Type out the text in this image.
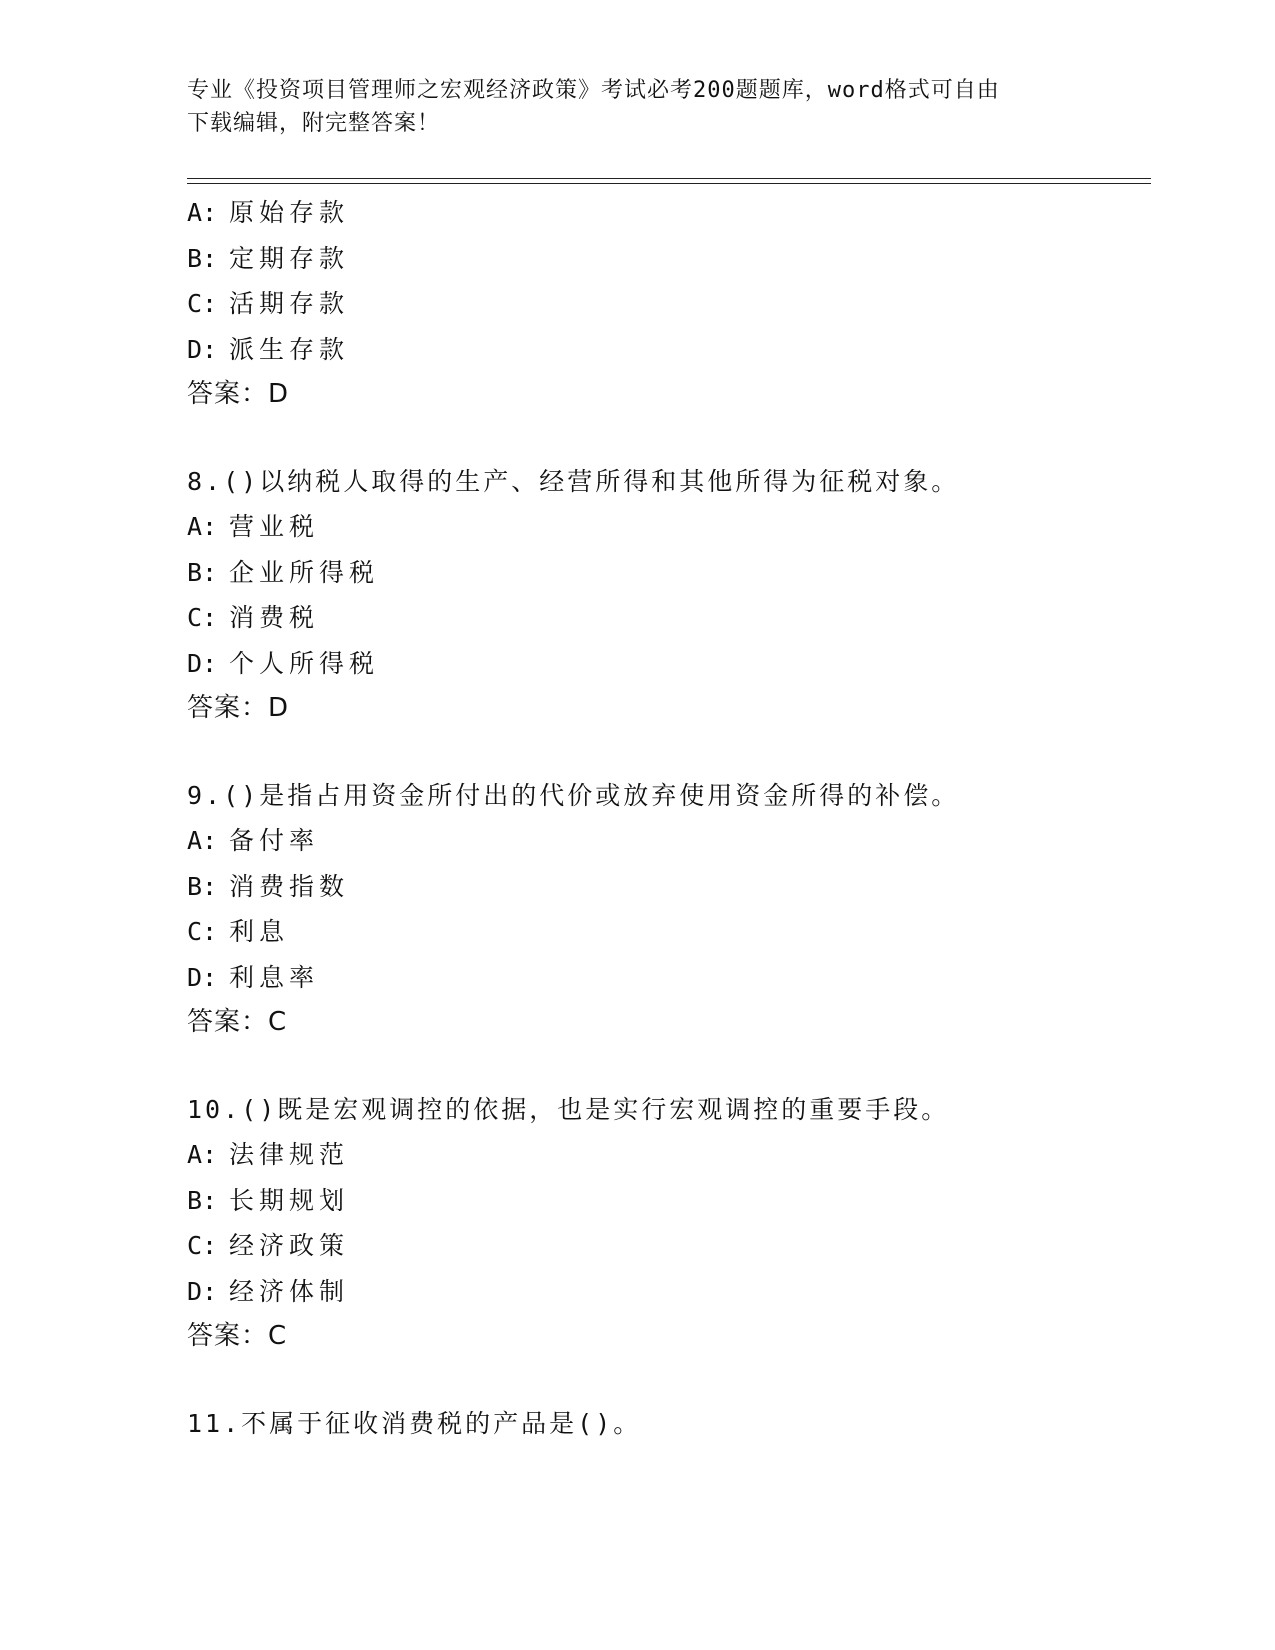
专业《投资项目管理师之宏观经济政策》考试必考200题题库，word格式可自由
下载编辑，附完整答案！
A: 原始存款
B: 定期存款
C: 活期存款
D: 派生存款
答案：D
8.()以纳税人取得的生产、经营所得和其他所得为征税对象。
A: 营业税
B: 企业所得税
C: 消费税
D: 个人所得税
答案：D
9.()是指占用资金所付出的代价或放弃使用资金所得的补偿。
A: 备付率
B: 消费指数
C: 利息
D: 利息率
答案：C
10.()既是宏观调控的依据，也是实行宏观调控的重要手段。
A: 法律规范
B: 长期规划
C: 经济政策
D: 经济体制
答案：C
11.不属于征收消费税的产品是()。
